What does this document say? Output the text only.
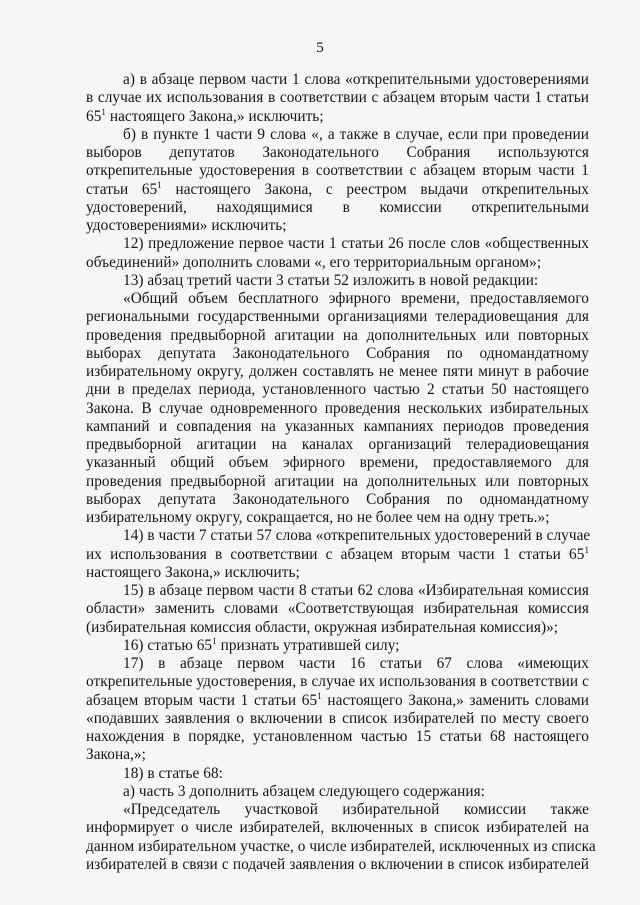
5
а) в абзаце первом части 1 слова «открепительными удостоверениями
в случае их использования в соответствии с абзацем вторым части 1 статьи
$65^1$ настоящего Закона,» исключить;
б) в пункте 1 части 9 слова «, а также в случае, если при проведении
выборов депутатов Законодательного Собрания используются
открепительные удостоверения в соответствии с абзацем вторым части 1
статьи $65^1$ настоящего Закона, с реестром выдачи открепительных
удостоверений, находящимися в комиссии открепительными
удостоверениями» исключить;
12) предложение первое части 1 статьи 26 после слов «общественных
объединений» дополнить словами «, его территориальным органом»;
13) абзац третий части 3 статьи 52 изложить в новой редакции:
«Общий объем бесплатного эфирного времени, предоставляемого
региональными государственными организациями телерадиовещания для
проведения предвыборной агитации на дополнительных или повторных
выборах депутата Законодательного Собрания по одномандатному
избирательному округу, должен составлять не менее пяти минут в рабочие
дни в пределах периода, установленного частью 2 статьи 50 настоящего
Закона. В случае одновременного проведения нескольких избирательных
кампаний и совпадения на указанных кампаниях периодов проведения
предвыборной агитации на каналах организаций телерадиовещания
указанный общий объем эфирного времени, предоставляемого для
проведения предвыборной агитации на дополнительных или повторных
выборах депутата Законодательного Собрания по одномандатному
избирательному округу, сокращается, но не более чем на одну треть.»;
14) в части 7 статьи 57 слова «открепительных удостоверений в случае
их использования в соответствии с абзацем вторым части 1 статьи $65^1$
настоящего Закона,» исключить;
15) в абзаце первом части 8 статьи 62 слова «Избирательная комиссия
области» заменить словами «Соответствующая избирательная комиссия
(избирательная комиссия области, окружная избирательная комиссия)»;
16) статью $65^1$ признать утратившей силу;
17) в абзаце первом части 16 статьи 67 слова «имеющих
открепительные удостоверения, в случае их использования в соответствии с
абзацем вторым части 1 статьи $65^1$ настоящего Закона,» заменить словами
«подавших заявления о включении в список избирателей по месту своего
нахождения в порядке, установленном частью 15 статьи 68 настоящего
Закона,»;
18) в статье 68:
а) часть 3 дополнить абзацем следующего содержания:
«Председатель участковой избирательной комиссии также
информирует о числе избирателей, включенных в список избирателей на
данном избирательном участке, о числе избирателей, исключенных из списка
избирателей в связи с подачей заявления о включении в список избирателей
